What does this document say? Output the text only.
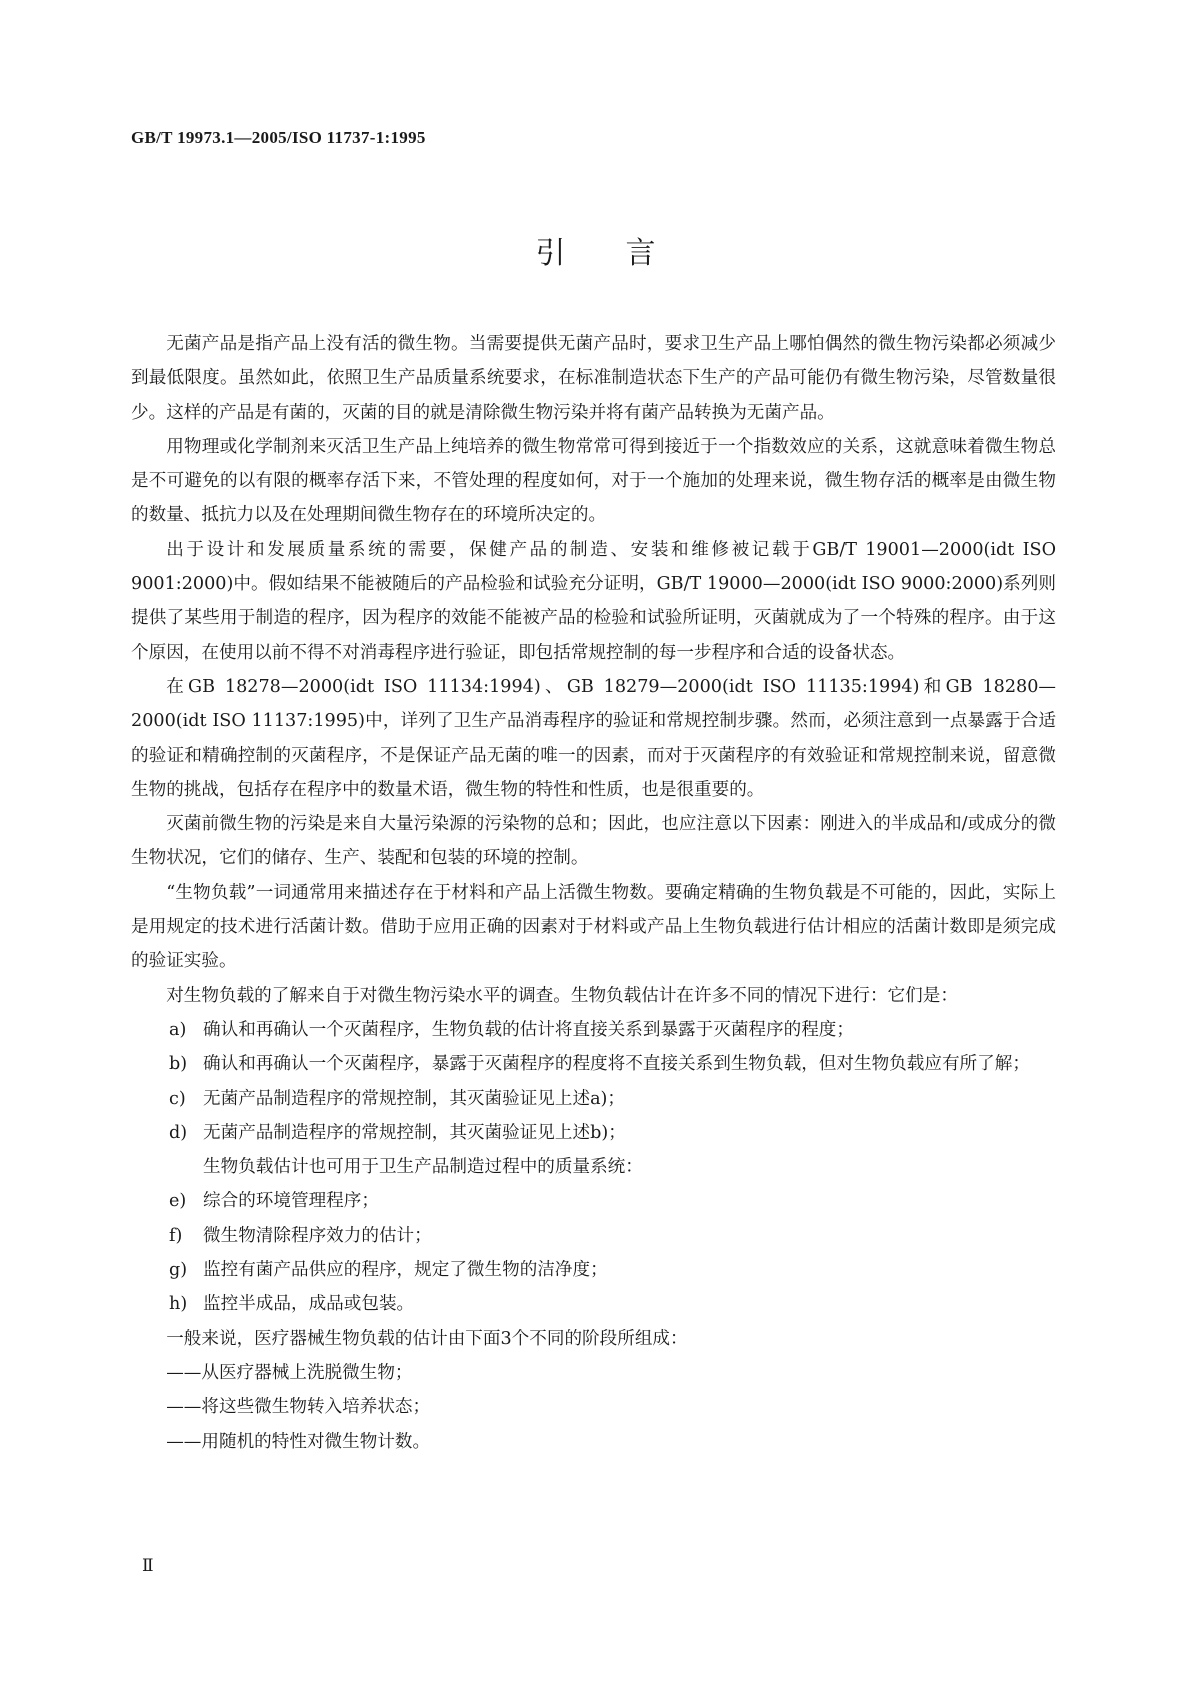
GB/T 19973.1—2005/ISO 11737-1:1995
引言

无菌产品是指产品上没有活的微生物。当需要提供无菌产品时，要求卫生产品上哪怕偶然的微生物污染都必须减少到最低限度。虽然如此，依照卫生产品质量系统要求，在标准制造状态下生产的产品可能仍有微生物污染，尽管数量很少。这样的产品是有菌的，灭菌的目的就是清除微生物污染并将有菌产品转换为无菌产品。

用物理或化学制剂来灭活卫生产品上纯培养的微生物常常可得到接近于一个指数效应的关系，这就意味着微生物总是不可避免的以有限的概率存活下来，不管处理的程度如何，对于一个施加的处理来说，微生物存活的概率是由微生物的数量、抵抗力以及在处理期间微生物存在的环境所决定的。

出于设计和发展质量系统的需要，保健产品的制造、安装和维修被记载于GB/T 19001—2000(idt ISO 9001:2000)中。假如结果不能被随后的产品检验和试验充分证明，GB/T 19000—2000(idt ISO 9000:2000)系列则提供了某些用于制造的程序，因为程序的效能不能被产品的检验和试验所证明，灭菌就成为了一个特殊的程序。由于这个原因，在使用以前不得不对消毒程序进行验证，即包括常规控制的每一步程序和合适的设备状态。

在GB 18278—2000(idt ISO 11134:1994)、GB 18279—2000(idt ISO 11135:1994)和GB 18280—2000(idt ISO 11137:1995)中，详列了卫生产品消毒程序的验证和常规控制步骤。然而，必须注意到一点暴露于合适的验证和精确控制的灭菌程序，不是保证产品无菌的唯一的因素，而对于灭菌程序的有效验证和常规控制来说，留意微生物的挑战，包括存在程序中的数量术语，微生物的特性和性质，也是很重要的。

灭菌前微生物的污染是来自大量污染源的污染物的总和；因此，也应注意以下因素：刚进入的半成品和/或成分的微生物状况，它们的储存、生产、装配和包装的环境的控制。

“生物负载”一词通常用来描述存在于材料和产品上活微生物数。要确定精确的生物负载是不可能的，因此，实际上是用规定的技术进行活菌计数。借助于应用正确的因素对于材料或产品上生物负载进行估计相应的活菌计数即是须完成的验证实验。

对生物负载的了解来自于对微生物污染水平的调查。生物负载估计在许多不同的情况下进行：它们是：

a) 确认和再确认一个灭菌程序，生物负载的估计将直接关系到暴露于灭菌程序的程度；
b) 确认和再确认一个灭菌程序，暴露于灭菌程序的程度将不直接关系到生物负载，但对生物负载应有所了解；
c) 无菌产品制造程序的常规控制，其灭菌验证见上述a)；
d) 无菌产品制造程序的常规控制，其灭菌验证见上述b)；
生物负载估计也可用于卫生产品制造过程中的质量系统：
e) 综合的环境管理程序；
f) 微生物清除程序效力的估计；
g) 监控有菌产品供应的程序，规定了微生物的洁净度；
h) 监控半成品，成品或包装。
一般来说，医疗器械生物负载的估计由下面3个不同的阶段所组成：
——从医疗器械上洗脱微生物；
——将这些微生物转入培养状态；
——用随机的特性对微生物计数。
Ⅱ
